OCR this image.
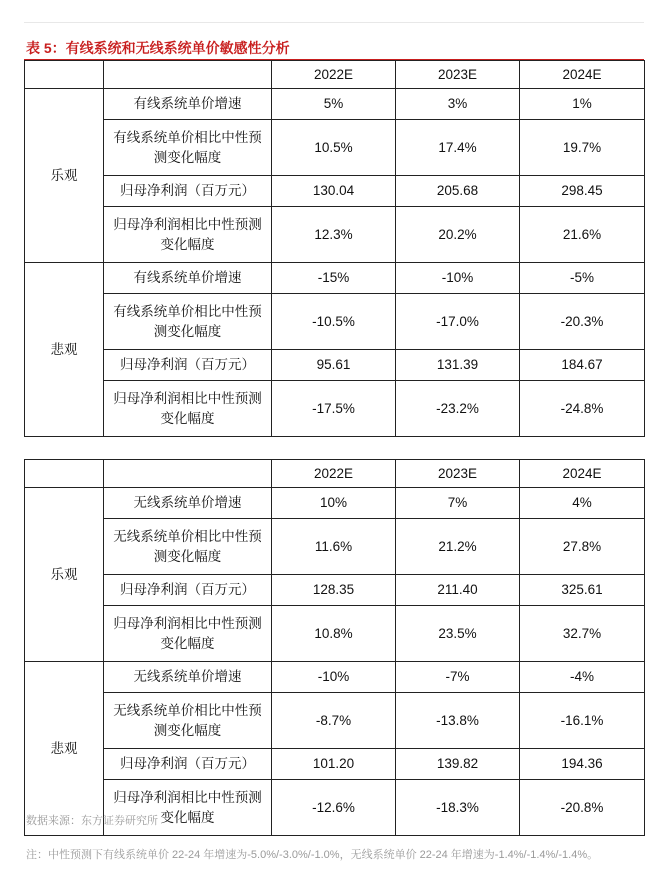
表 5：有线系统和无线系统单价敏感性分析
		2022E	2023E	2024E
乐观	有线系统单价增速	5%	3%	1%
	有线系统单价相比中性预测变化幅度	10.5%	17.4%	19.7%
	归母净利润（百万元）	130.04	205.68	298.45
	归母净利润相比中性预测变化幅度	12.3%	20.2%	21.6%
悲观	有线系统单价增速	-15%	-10%	-5%
	有线系统单价相比中性预测变化幅度	-10.5%	-17.0%	-20.3%
	归母净利润（百万元）	95.61	131.39	184.67
	归母净利润相比中性预测变化幅度	-17.5%	-23.2%	-24.8%
		2022E	2023E	2024E
乐观	无线系统单价增速	10%	7%	4%
	无线系统单价相比中性预测变化幅度	11.6%	21.2%	27.8%
	归母净利润（百万元）	128.35	211.40	325.61
	归母净利润相比中性预测变化幅度	10.8%	23.5%	32.7%
悲观	无线系统单价增速	-10%	-7%	-4%
	无线系统单价相比中性预测变化幅度	-8.7%	-13.8%	-16.1%
	归母净利润（百万元）	101.20	139.82	194.36
	归母净利润相比中性预测变化幅度	-12.6%	-18.3%	-20.8%
数据来源：东方证券研究所
注：中性预测下有线系统单价 22-24 年增速为-5.0%/-3.0%/-1.0%，无线系统单价 22-24 年增速为-1.4%/-1.4%/-1.4%。
